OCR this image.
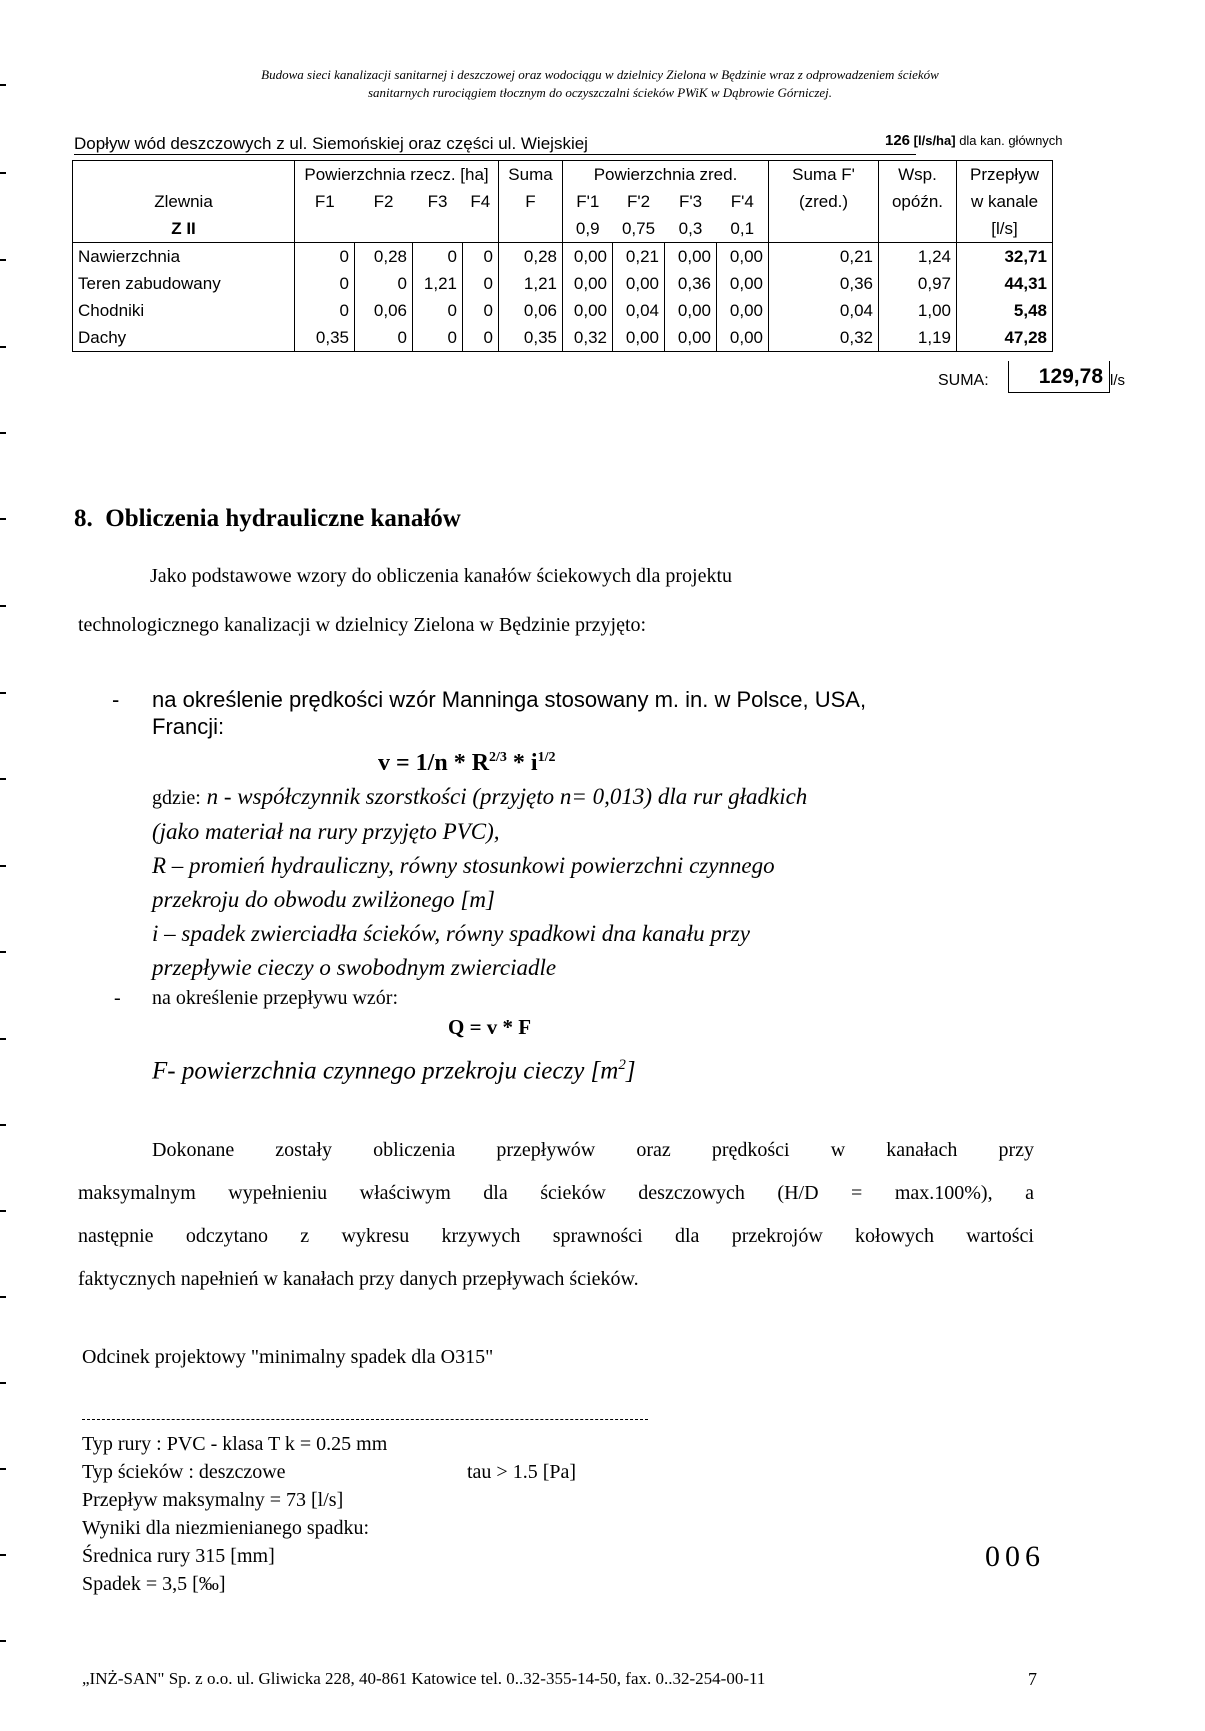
Budowa sieci kanalizacji sanitarnej i deszczowej oraz wodociągu w dzielnicy Zielona w Będzinie wraz z odprowadzeniem ścieków
sanitarnych rurociągiem tłocznym do oczyszczalni ścieków PWiK w Dąbrowie Górniczej.
Dopływ wód deszczowych z ul. Siemońskiej oraz części ul. Wiejskiej	126 [l/s/ha] dla kan. głównych
	Powierzchnia rzecz. [ha]				Suma	Powierzchnia zred.				Suma F'	Wsp.	Przepływ
Zlewnia	F1	F2	F3	F4	F	F'1	F'2	F'3	F'4	(zred.)	opóźn.	w kanale
Z II						0,9	0,75	0,3	0,1			[l/s]
Nawierzchnia	0	0,28	0	0	0,28	0,00	0,21	0,00	0,00	0,21	1,24	32,71
Teren zabudowany	0	0	1,21	0	1,21	0,00	0,00	0,36	0,00	0,36	0,97	44,31
Chodniki	0	0,06	0	0	0,06	0,00	0,04	0,00	0,00	0,04	1,00	5,48
Dachy	0,35	0	0	0	0,35	0,32	0,00	0,00	0,00	0,32	1,19	47,28
SUMA:	129,78 l/s
8. Obliczenia hydrauliczne kanałów
Jako podstawowe wzory do obliczenia kanałów ściekowych dla projektu
technologicznego kanalizacji w dzielnicy Zielona w Będzinie przyjęto:
- na określenie prędkości wzór Manninga stosowany m. in. w Polsce, USA,
Francji:
$v = 1/n * R^{2/3} * i^{1/2}$
gdzie: n - współczynnik szorstkości (przyjęto n= 0,013) dla rur gładkich
(jako materiał na rury przyjęto PVC),
R – promień hydrauliczny, równy stosunkowi powierzchni czynnego
przekroju do obwodu zwilżonego [m]
i – spadek zwierciadła ścieków, równy spadkowi dna kanału przy
przepływie cieczy o swobodnym zwierciadle
- na określenie przepływu wzór:
Q = v * F
F- powierzchnia czynnego przekroju cieczy $[m^2]$
Dokonane zostały obliczenia przepływów oraz prędkości w kanałach przy
maksymalnym wypełnieniu właściwym dla ścieków deszczowych (H/D = max.100%), a
następnie odczytano z wykresu krzywych sprawności dla przekrojów kołowych wartości
faktycznych napełnień w kanałach przy danych przepływach ścieków.
Odcinek projektowy "minimalny spadek dla O315"
Typ rury : PVC - klasa T k = 0.25 mm
Typ ścieków : deszczowe	tau > 1.5 [Pa]
Przepływ maksymalny = 73 [l/s]
Wyniki dla niezmienianego spadku:
Średnica rury 315 [mm]
Spadek = 3,5 [‰]
006
„INŻ-SAN" Sp. z o.o. ul. Gliwicka 228, 40-861 Katowice tel. 0..32-355-14-50, fax. 0..32-254-00-11	7
